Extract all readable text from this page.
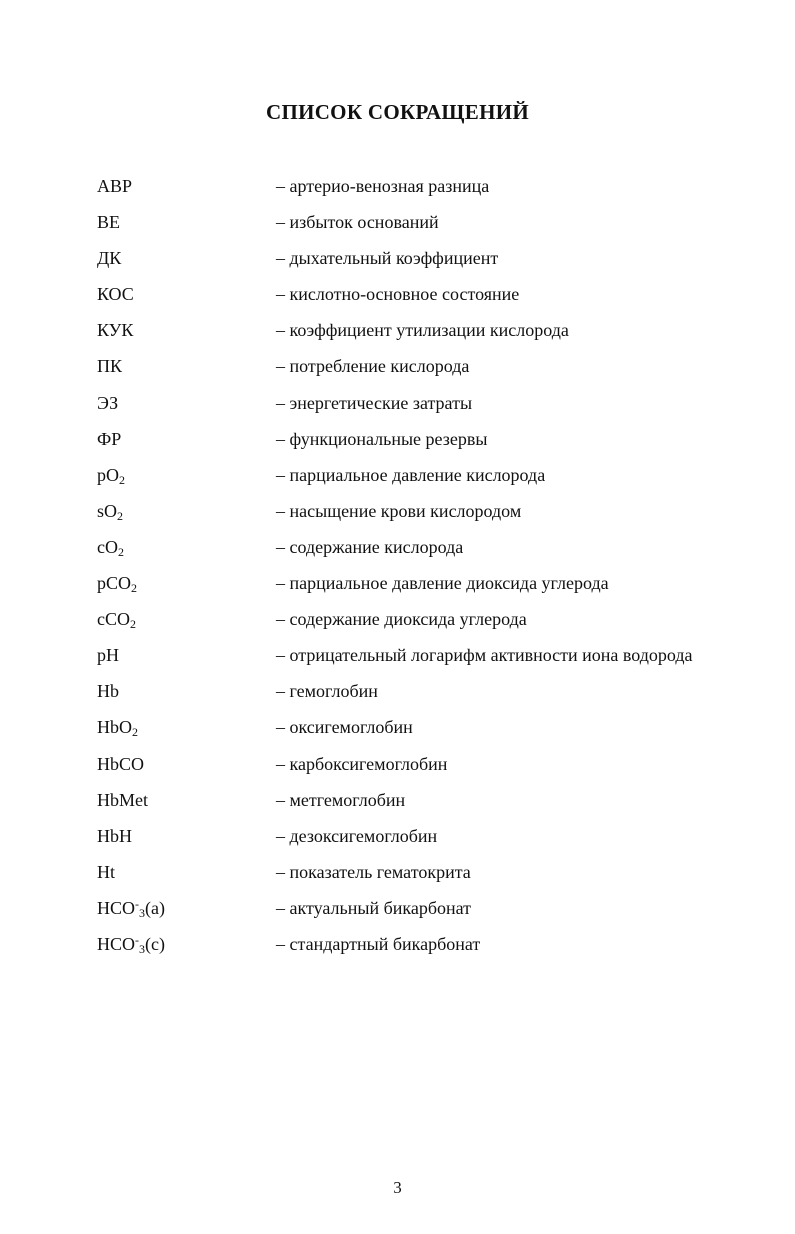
СПИСОК СОКРАЩЕНИЙ
АВР	– артерио-венозная разница
BE	– избыток оснований
ДК	– дыхательный коэффициент
КОС	– кислотно-основное состояние
КУК	– коэффициент утилизации кислорода
ПК	– потребление кислорода
ЭЗ	– энергетические затраты
ФР	– функциональные резервы
$pO_2$	– парциальное давление кислорода
$sO_2$	– насыщение крови кислородом
$cO_2$	– содержание кислорода
pCO$_2$	– парциальное давление диоксида углерода
cCO$_2$	– содержание диоксида углерода
pH	– отрицательный логарифм активности иона водорода
Hb	– гемоглобин
HbO$_2$	– оксигемоглобин
HbCO	– карбоксигемоглобин
HbMet	– метгемоглобин
HbH	– дезоксигемоглобин
Ht	– показатель гематокрита
$HCO^-_3(a)$	– актуальный бикарбонат
$HCO^-_3(c)$	– стандартный бикарбонат

3
